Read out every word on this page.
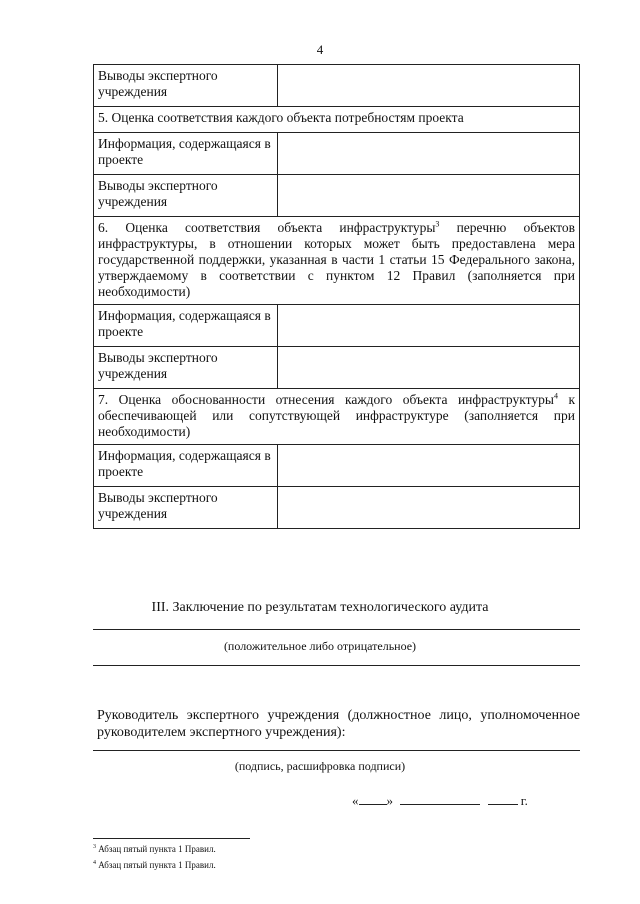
4
Выводы экспертного учреждения	
5. Оценка соответствия каждого объекта потребностям проекта	
Информация, содержащаяся в проекте	
Выводы экспертного учреждения	
6. Оценка соответствия объекта инфраструктуры$^3$ перечню объектов инфраструктуры, в отношении которых может быть предоставлена мера государственной поддержки, указанная в части 1 статьи 15 Федерального закона, утверждаемому в соответствии с пунктом 12 Правил (заполняется при необходимости)	
Информация, содержащаяся в проекте	
Выводы экспертного учреждения	
7. Оценка обоснованности отнесения каждого объекта инфраструктуры$^4$ к обеспечивающей или сопутствующей инфраструктуре (заполняется при необходимости)	
Информация, содержащаяся в проекте	
Выводы экспертного учреждения	
III. Заключение по результатам технологического аудита
(положительное либо отрицательное)
Руководитель экспертного учреждения (должностное лицо, уполномоченное руководителем экспертного учреждения):
(подпись, расшифровка подписи)
« »	г.
$^3$ Абзац пятый пункта 1 Правил.
$^4$ Абзац пятый пункта 1 Правил.
